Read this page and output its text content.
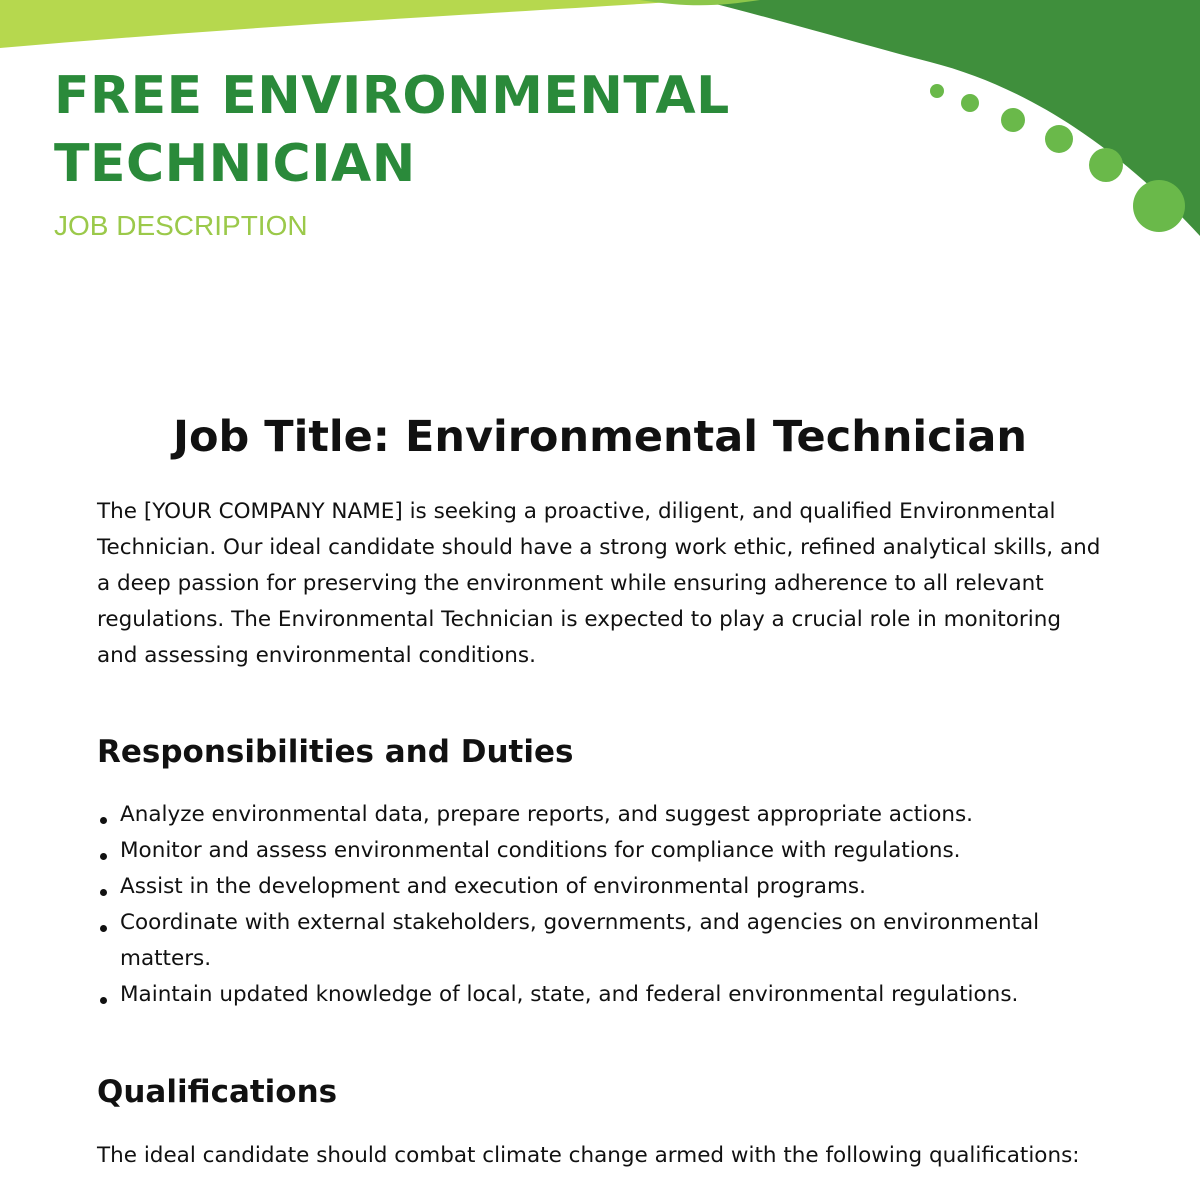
FREE ENVIRONMENTAL
TECHNICIAN
JOB DESCRIPTION
Job Title: Environmental Technician

The [YOUR COMPANY NAME] is seeking a proactive, diligent, and qualified Environmental Technician. Our ideal candidate should have a strong work ethic, refined analytical skills, and a deep passion for preserving the environment while ensuring adherence to all relevant regulations. The Environmental Technician is expected to play a crucial role in monitoring and assessing environmental conditions.

Responsibilities and Duties
Analyze environmental data, prepare reports, and suggest appropriate actions.
Monitor and assess environmental conditions for compliance with regulations.
Assist in the development and execution of environmental programs.
Coordinate with external stakeholders, governments, and agencies on environmental matters.
Maintain updated knowledge of local, state, and federal environmental regulations.
Qualifications

The ideal candidate should combat climate change armed with the following qualifications:
